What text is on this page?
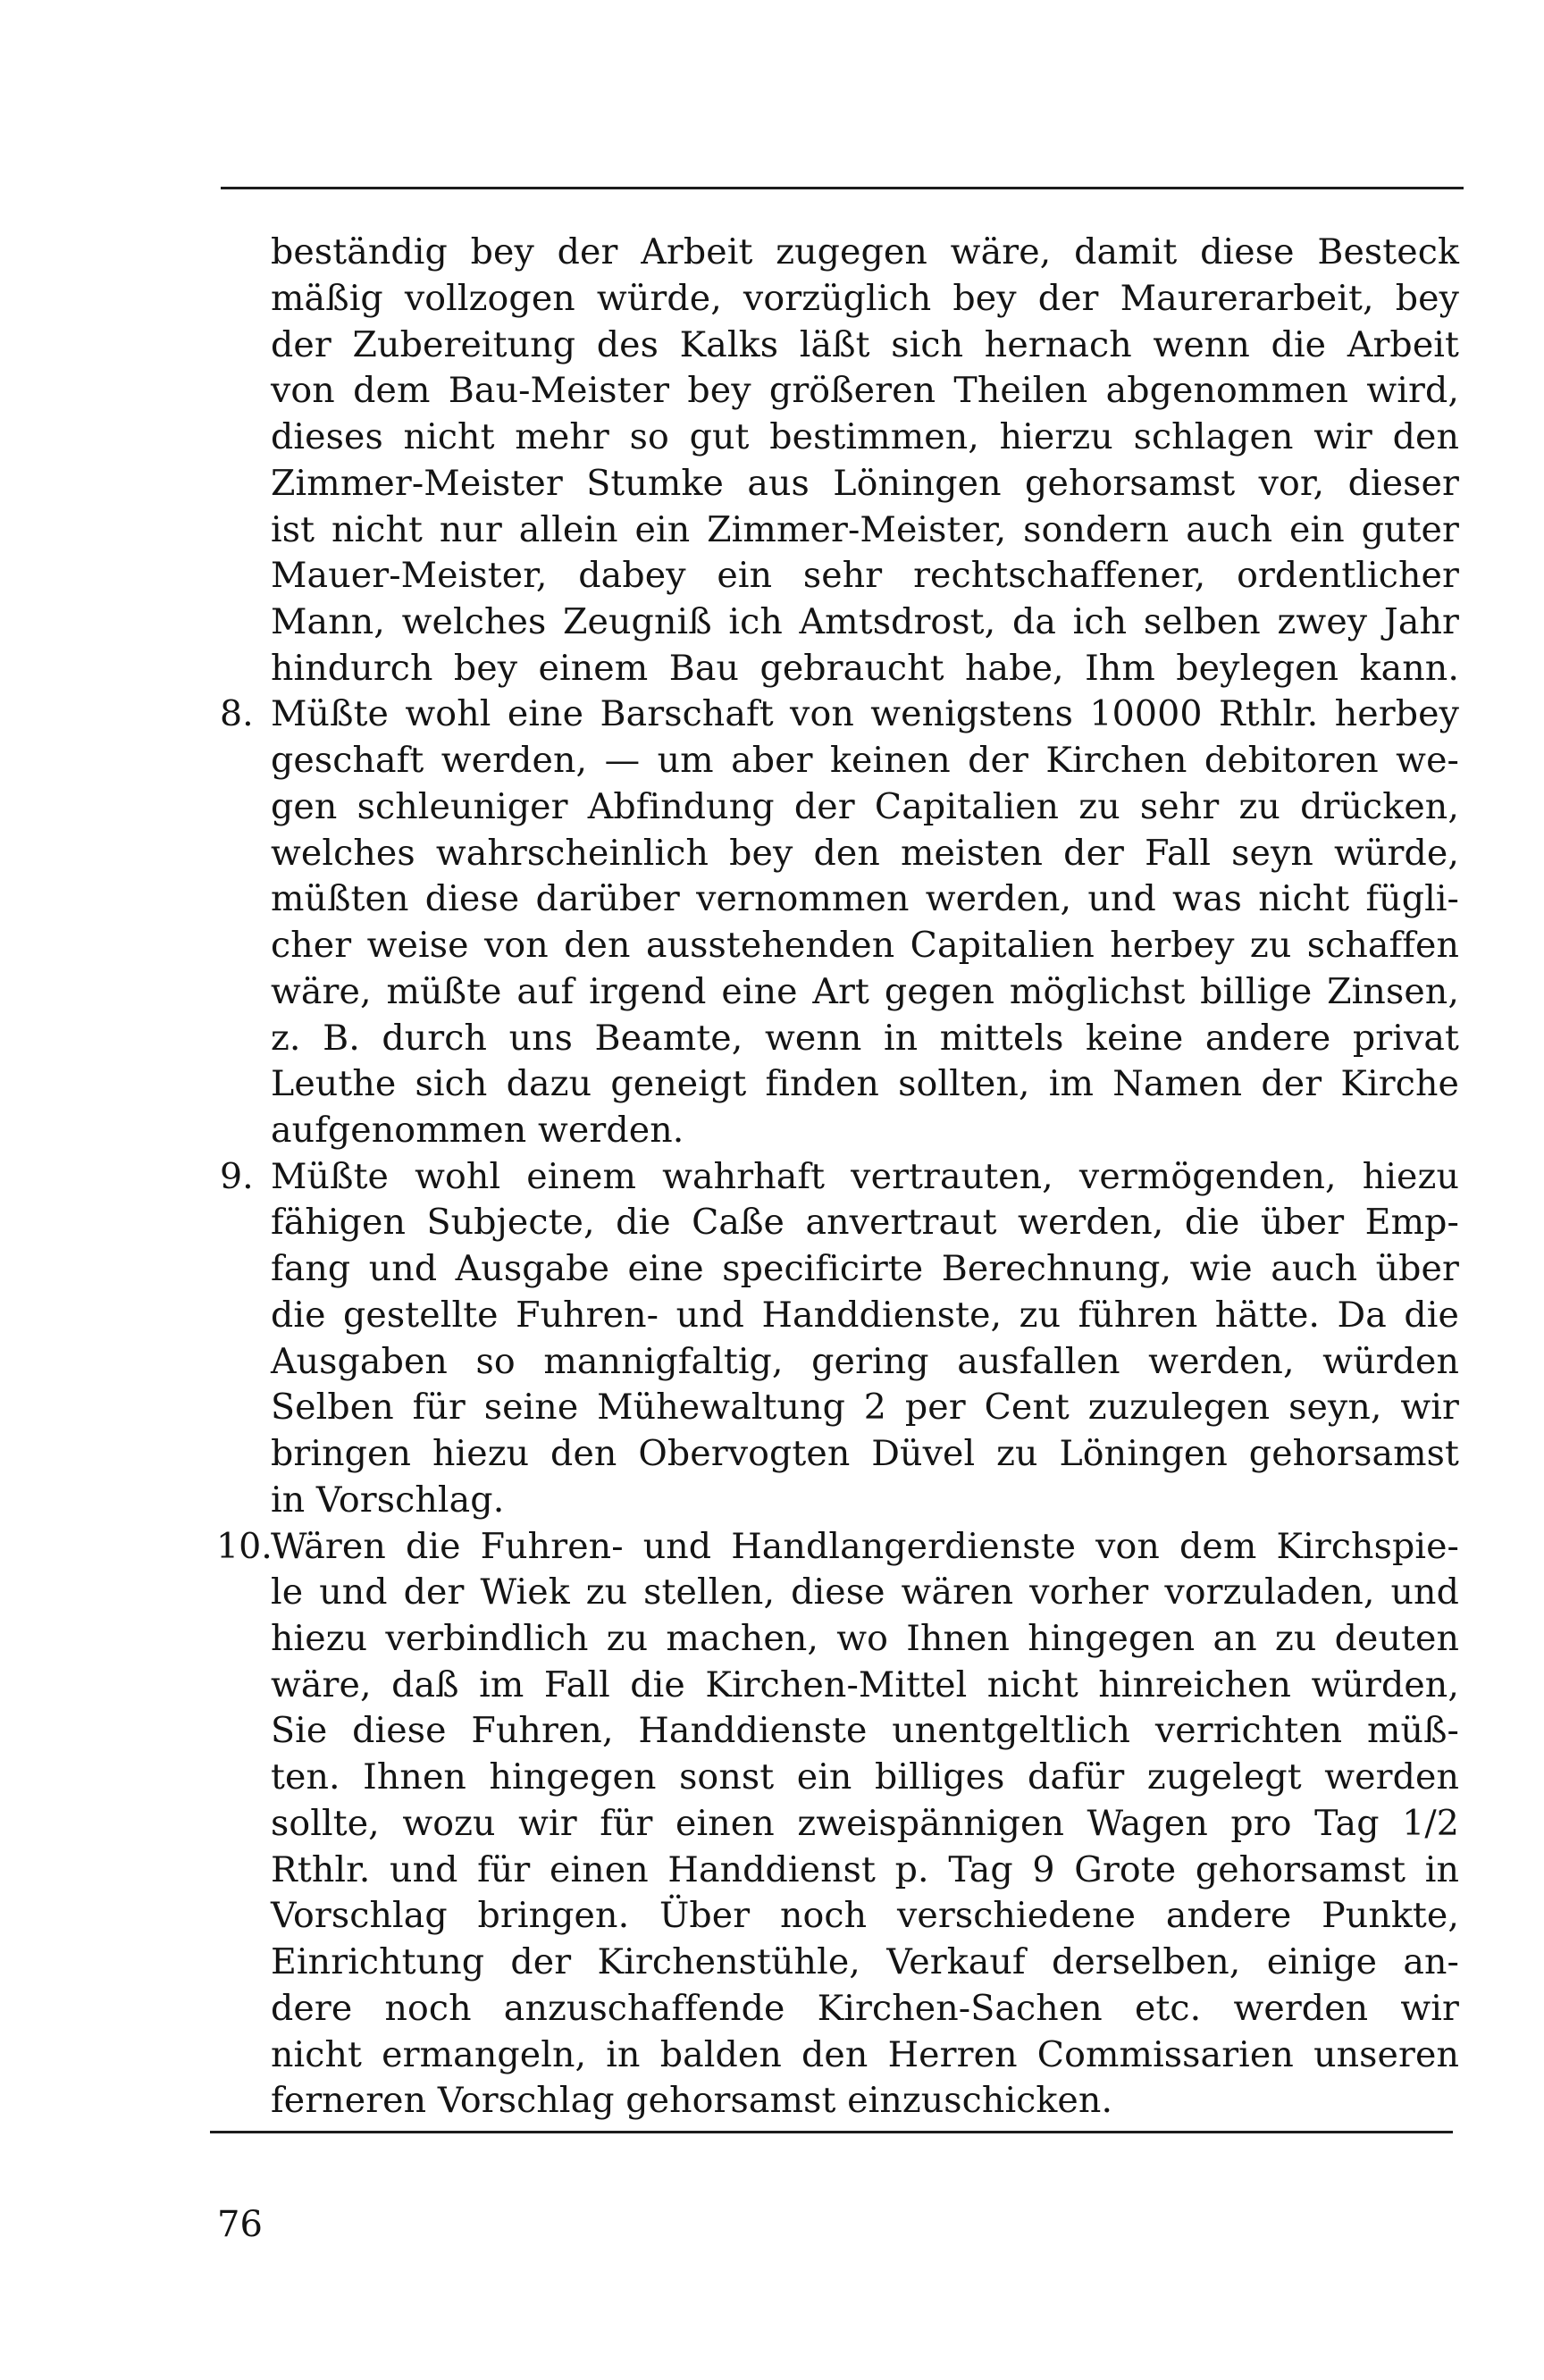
beständig bey der Arbeit zugegen wäre, damit diese Besteck
mäßig vollzogen würde, vorzüglich bey der Maurerarbeit, bey
der Zubereitung des Kalks läßt sich hernach wenn die Arbeit
von dem Bau-Meister bey größeren Theilen abgenommen wird,
dieses nicht mehr so gut bestimmen, hierzu schlagen wir den
Zimmer-Meister Stumke aus Löningen gehorsamst vor, dieser
ist nicht nur allein ein Zimmer-Meister, sondern auch ein guter
Mauer-Meister, dabey ein sehr rechtschaffener, ordentlicher
Mann, welches Zeugniß ich Amtsdrost, da ich selben zwey Jahr
hindurch bey einem Bau gebraucht habe, Ihm beylegen kann.
8. Müßte wohl eine Barschaft von wenigstens 10000 Rthlr. herbey
geschaft werden, — um aber keinen der Kirchen debitoren we-
gen schleuniger Abfindung der Capitalien zu sehr zu drücken,
welches wahrscheinlich bey den meisten der Fall seyn würde,
müßten diese darüber vernommen werden, und was nicht fügli-
cher weise von den ausstehenden Capitalien herbey zu schaffen
wäre, müßte auf irgend eine Art gegen möglichst billige Zinsen,
z. B. durch uns Beamte, wenn in mittels keine andere privat
Leuthe sich dazu geneigt finden sollten, im Namen der Kirche
aufgenommen werden.
9. Müßte wohl einem wahrhaft vertrauten, vermögenden, hiezu
fähigen Subjecte, die Caße anvertraut werden, die über Emp-
fang und Ausgabe eine specificirte Berechnung, wie auch über
die gestellte Fuhren- und Handdienste, zu führen hätte. Da die
Ausgaben so mannigfaltig, gering ausfallen werden, würden
Selben für seine Mühewaltung 2 per Cent zuzulegen seyn, wir
bringen hiezu den Obervogten Düvel zu Löningen gehorsamst
in Vorschlag.
10.
Wären die Fuhren- und Handlangerdienste von dem Kirchspie-
le und der Wiek zu stellen, diese wären vorher vorzuladen, und
hiezu verbindlich zu machen, wo Ihnen hingegen an zu deuten
wäre, daß im Fall die Kirchen-Mittel nicht hinreichen würden,
Sie diese Fuhren, Handdienste unentgeltlich verrichten müß-
ten. Ihnen hingegen sonst ein billiges dafür zugelegt werden
sollte, wozu wir für einen zweispännigen Wagen pro Tag 1/2
Rthlr. und für einen Handdienst p. Tag 9 Grote gehorsamst in
Vorschlag bringen. Über noch verschiedene andere Punkte,
Einrichtung der Kirchenstühle, Verkauf derselben, einige an-
dere noch anzuschaffende Kirchen-Sachen etc. werden wir
nicht ermangeln, in balden den Herren Commissarien unseren
ferneren Vorschlag gehorsamst einzuschicken.
76
